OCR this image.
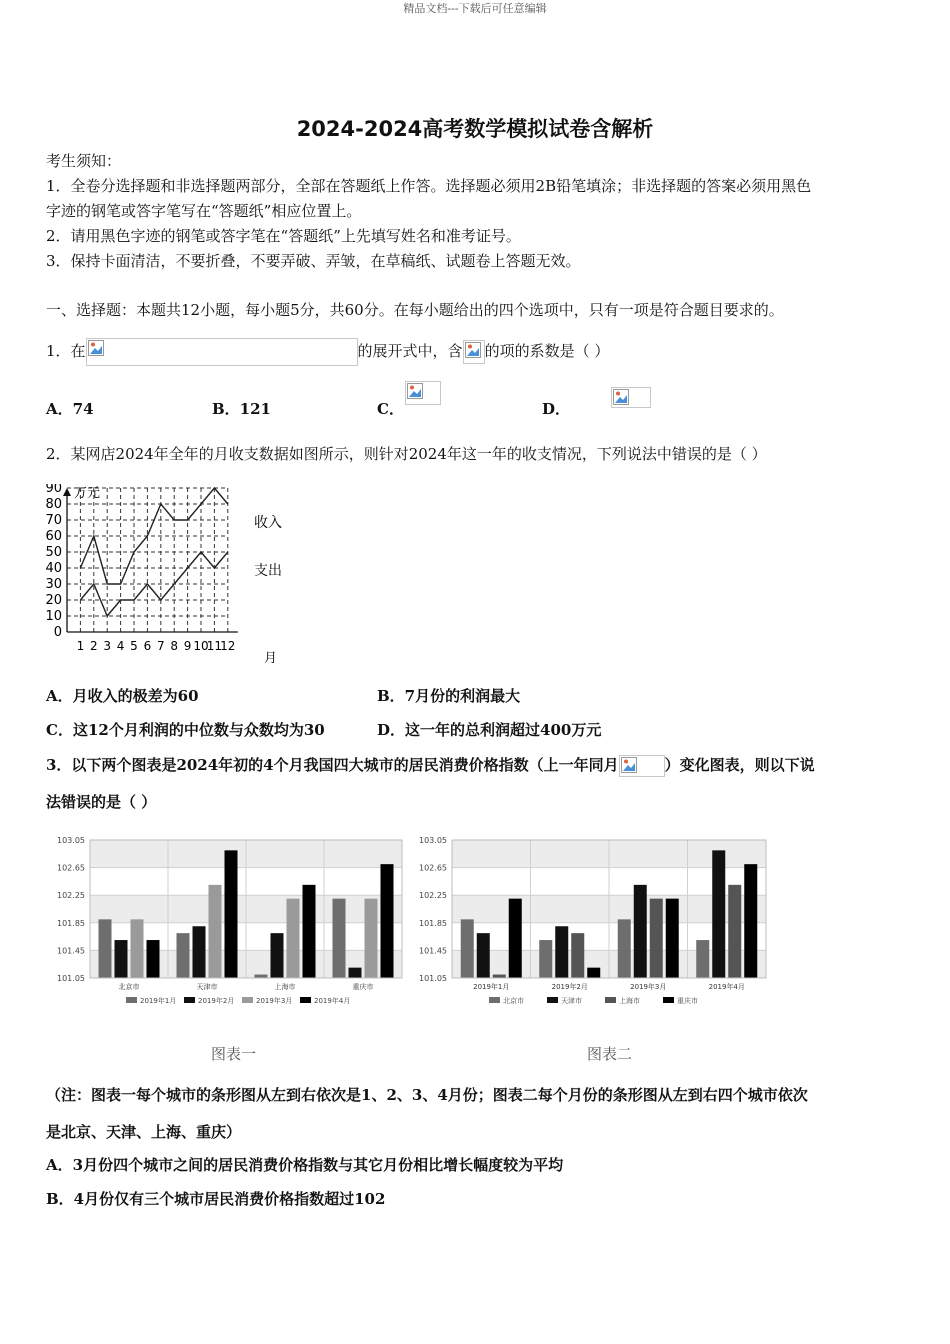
精品文档---下载后可任意编辑
2024-2024高考数学模拟试卷含解析
考生须知：
1．全卷分选择题和非选择题两部分，全部在答题纸上作答。选择题必须用2B铅笔填涂；非选择题的答案必须用黑色
字迹的钢笔或答字笔写在“答题纸”相应位置上。
2．请用黑色字迹的钢笔或答字笔在“答题纸”上先填写姓名和准考证号。
3．保持卡面清洁，不要折叠，不要弄破、弄皱，在草稿纸、试题卷上答题无效。
一、选择题：本题共12小题，每小题5分，共60分。在每小题给出的四个选项中，只有一项是符合题目要求的。
1．在	的展开式中，含 的项的系数是（ ）
A．74	B．121	C．
	D．
2．某网店2024年全年的月收支数据如图所示，则针对2024年这一年的收支情况，下列说法中错误的是（ ）
0
10
20
30
40
50
60
70
80
90
1 2 3 4 5 6 7 8 9 10
11
12
万元
月
收入
支出
A．月收入的极差为60	B．7月份的利润最大
C．这12个月利润的中位数与众数均为30	D．这一年的总利润超过400万元
3．以下两个图表是2024年初的4个月我国四大城市的居民消费价格指数（上一年同月	）变化图表，则以下说
法错误的是（ ）
101.05
101.45
101.85
102.25
102.65
103.05
北京市	天津市	上海市	重庆市
2019年1月	2019年2月	2019年3月	2019年4月
101.05
101.45
101.85
102.25
102.65
103.05
2019年1月	2019年2月	2019年3月	2019年4月
北京市	天津市	上海市	重庆市
图表一	图表二
（注：图表一每个城市的条形图从左到右依次是1、2、3、4月份；图表二每个月份的条形图从左到右四个城市依次
是北京、天津、上海、重庆）
A．3月份四个城市之间的居民消费价格指数与其它月份相比增长幅度较为平均
B．4月份仅有三个城市居民消费价格指数超过102
